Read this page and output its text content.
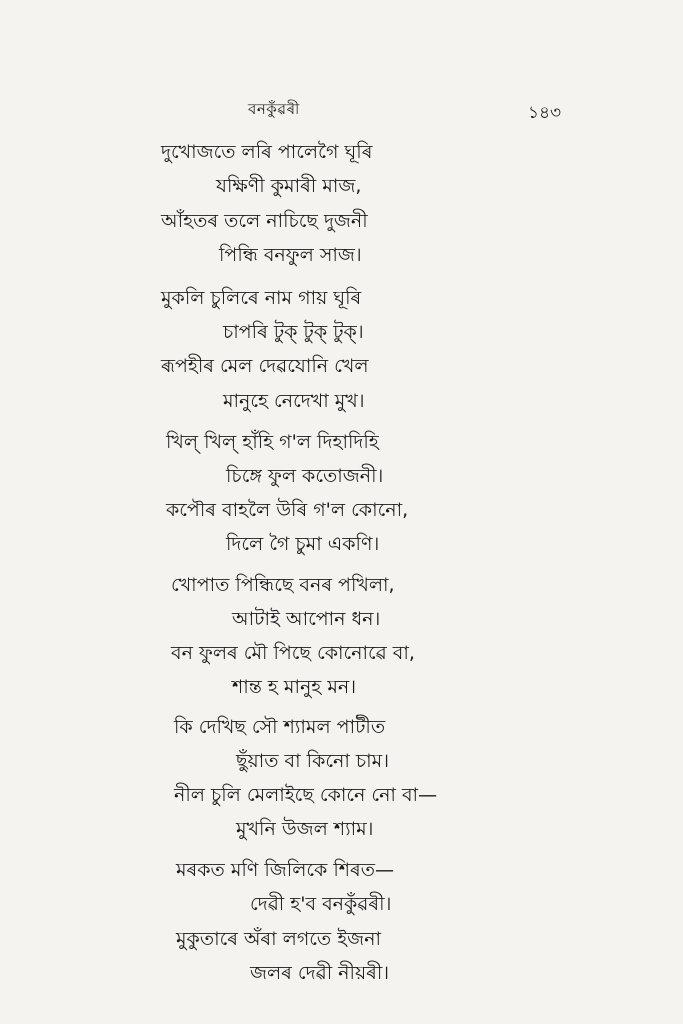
বনকুঁৱৰী	১৪৩
দুখোজতে লৰি পালেগৈ ঘূৰি
যক্ষিণী কুমাৰী মাজ,
আঁহতৰ তলে নাচিছে দুজনী
পিন্ধি বনফুল সাজ।
মুকলি চুলিৰে নাম গায় ঘূৰি
চাপৰি টুক্ টুক্ টুক্।
ৰূপহীৰ মেল দেৱযোনি খেল
মানুহে নেদেখা মুখ।
খিল্ খিল্ হাঁহি গ'ল দিহাদিহি
চিঙ্গে ফুল কতোজনী।
কপৌৰ বাহলৈ উৰি গ'ল কোনো,
দিলে গৈ চুমা একণি।
খোপাত পিন্ধিছে বনৰ পখিলা,
আটাই আপোন ধন।
বন ফুলৰ মৌ পিছে কোনোৱে বা,
শান্ত হ মানুহ মন।
কি দেখিছ সৌ শ্যামল পাটীত
ছুঁয়াত বা কিনো চাম।
নীল চুলি মেলাইছে কোনে নো বা—
মুখনি উজল শ্যাম।
মৰকত মণি জিলিকে শিৰত—
দেৱী হ'ব বনকুঁৱৰী।
মুকুতাৰে অঁৰা লগতে ইজনা
জলৰ দেৱী নীয়ৰী।
